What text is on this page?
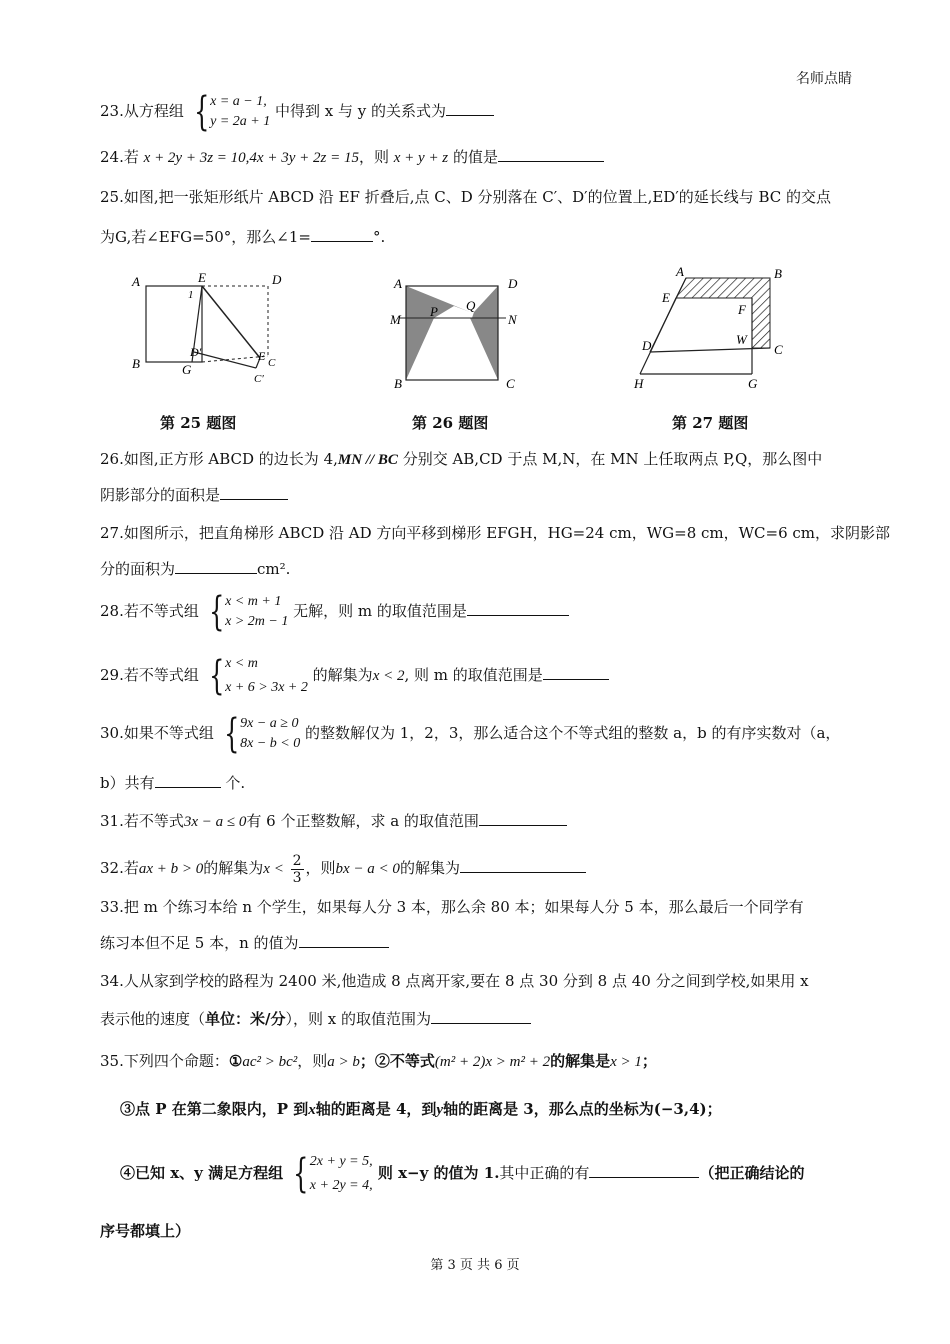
名师点睛
23.从方程组 { x = a − 1,
y = 2a + 1
中得到 x 与 y 的关系式为
24.若 x + 2y + 3z = 10,4x + 3y + 2z = 15，则 x + y + z 的值是
25.如图,把一张矩形纸片 ABCD 沿 EF 折叠后,点 C、D 分别落在 C′、D′的位置上,ED′的延长线与 BC 的交点
为G,若∠EFG=50°，那么∠1=	°.
A	E	D
1
B	G
D′	E C
C′
第 25 题图
A	D
M
P Q
N
B	C
第 26 题图
A	B
E
F
W
D	C
H	G
第 27 题图
26.如图,正方形 ABCD 的边长为 4,MN // BC 分别交 AB,CD 于点 M,N，在 MN 上任取两点 P,Q，那么图中
阴影部分的面积是
27.如图所示，把直角梯形 ABCD 沿 AD 方向平移到梯形 EFGH，HG=24 cm，WG=8 cm，WC=6 cm，求阴影部
分的面积为	cm².
28.若不等式组 { x < m + 1
x > 2m − 1
无解，则 m 的取值范围是
29.若不等式组 { x < m
x + 6 > 3x + 2
的解集为x < 2, 则 m 的取值范围是
30.如果不等式组 { 9x − a ≥ 0
8x − b < 0
的整数解仅为 1，2，3，那么适合这个不等式组的整数 a，b 的有序实数对（a，
b）共有	个.
31.若不等式3x − a ≤ 0有 6 个正整数解，求 a 的取值范围
32.若ax + b > 0的解集为$x < \frac{2}{3}$ ，则bx − a < 0的解集为
33.把 m 个练习本给 n 个学生，如果每人分 3 本，那么余 80 本；如果每人分 5 本，那么最后一个同学有
练习本但不足 5 本，n 的值为
34.人从家到学校的路程为 2400 米,他造成 8 点离开家,要在 8 点 30 分到 8 点 40 分之间到学校,如果用 x
表示他的速度（单位：米/分），则 x 的取值范围为
35.下列四个命题：①ac² > bc²，则a > b；②不等式(m² + 2)x > m² + 2的解集是x > 1；
③点 P 在第二象限内，P 到x轴的距离是 4，到y轴的距离是 3，那么点的坐标为(−3,4)；
④已知 x、y 满足方程组 { 2x + y = 5,
x + 2y = 4,
则 x−y 的值为 1.其中正确的有	（把正确结论的
序号都填上）
第 3 页 共 6 页
